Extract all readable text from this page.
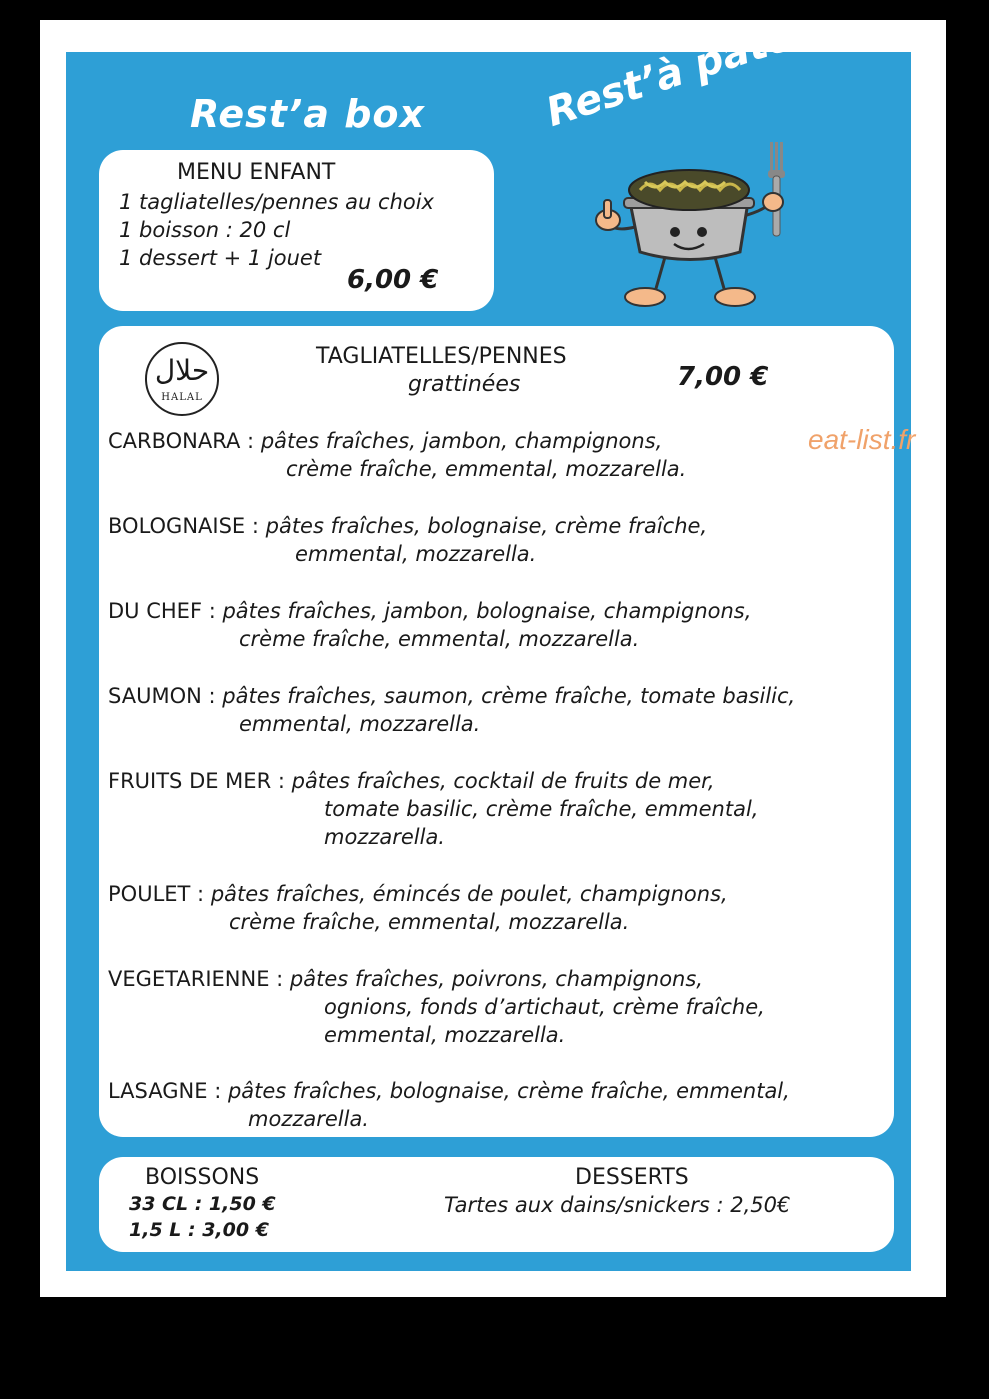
Rest’a box	Rest’à pâtes
MENU ENFANT
1 tagliatelles/pennes au choix
1 boisson : 20 cl
1 dessert + 1 jouet
6,00 €
حلال
HALAL
TAGLIATELLES/PENNES
grattinées	7,00 €
CARBONARA : pâtes fraîches, jambon, champignons,
crème fraîche, emmental, mozzarella.
BOLOGNAISE : pâtes fraîches, bolognaise, crème fraîche,
emmental, mozzarella.
DU CHEF : pâtes fraîches, jambon, bolognaise, champignons,
crème fraîche, emmental, mozzarella.
SAUMON : pâtes fraîches, saumon, crème fraîche, tomate basilic,
emmental, mozzarella.
FRUITS DE MER : pâtes fraîches, cocktail de fruits de mer,
tomate basilic, crème fraîche, emmental,
mozzarella.
POULET : pâtes fraîches, émincés de poulet, champignons,
crème fraîche, emmental, mozzarella.
VEGETARIENNE : pâtes fraîches, poivrons, champignons,
ognions, fonds d’artichaut, crème fraîche,
emmental, mozzarella.
LASAGNE : pâtes fraîches, bolognaise, crème fraîche, emmental,
mozzarella.
eat-list.fr
BOISSONS
33 CL : 1,50 €
1,5 L : 3,00 €
DESSERTS
Tartes aux dains/snickers : 2,50€
